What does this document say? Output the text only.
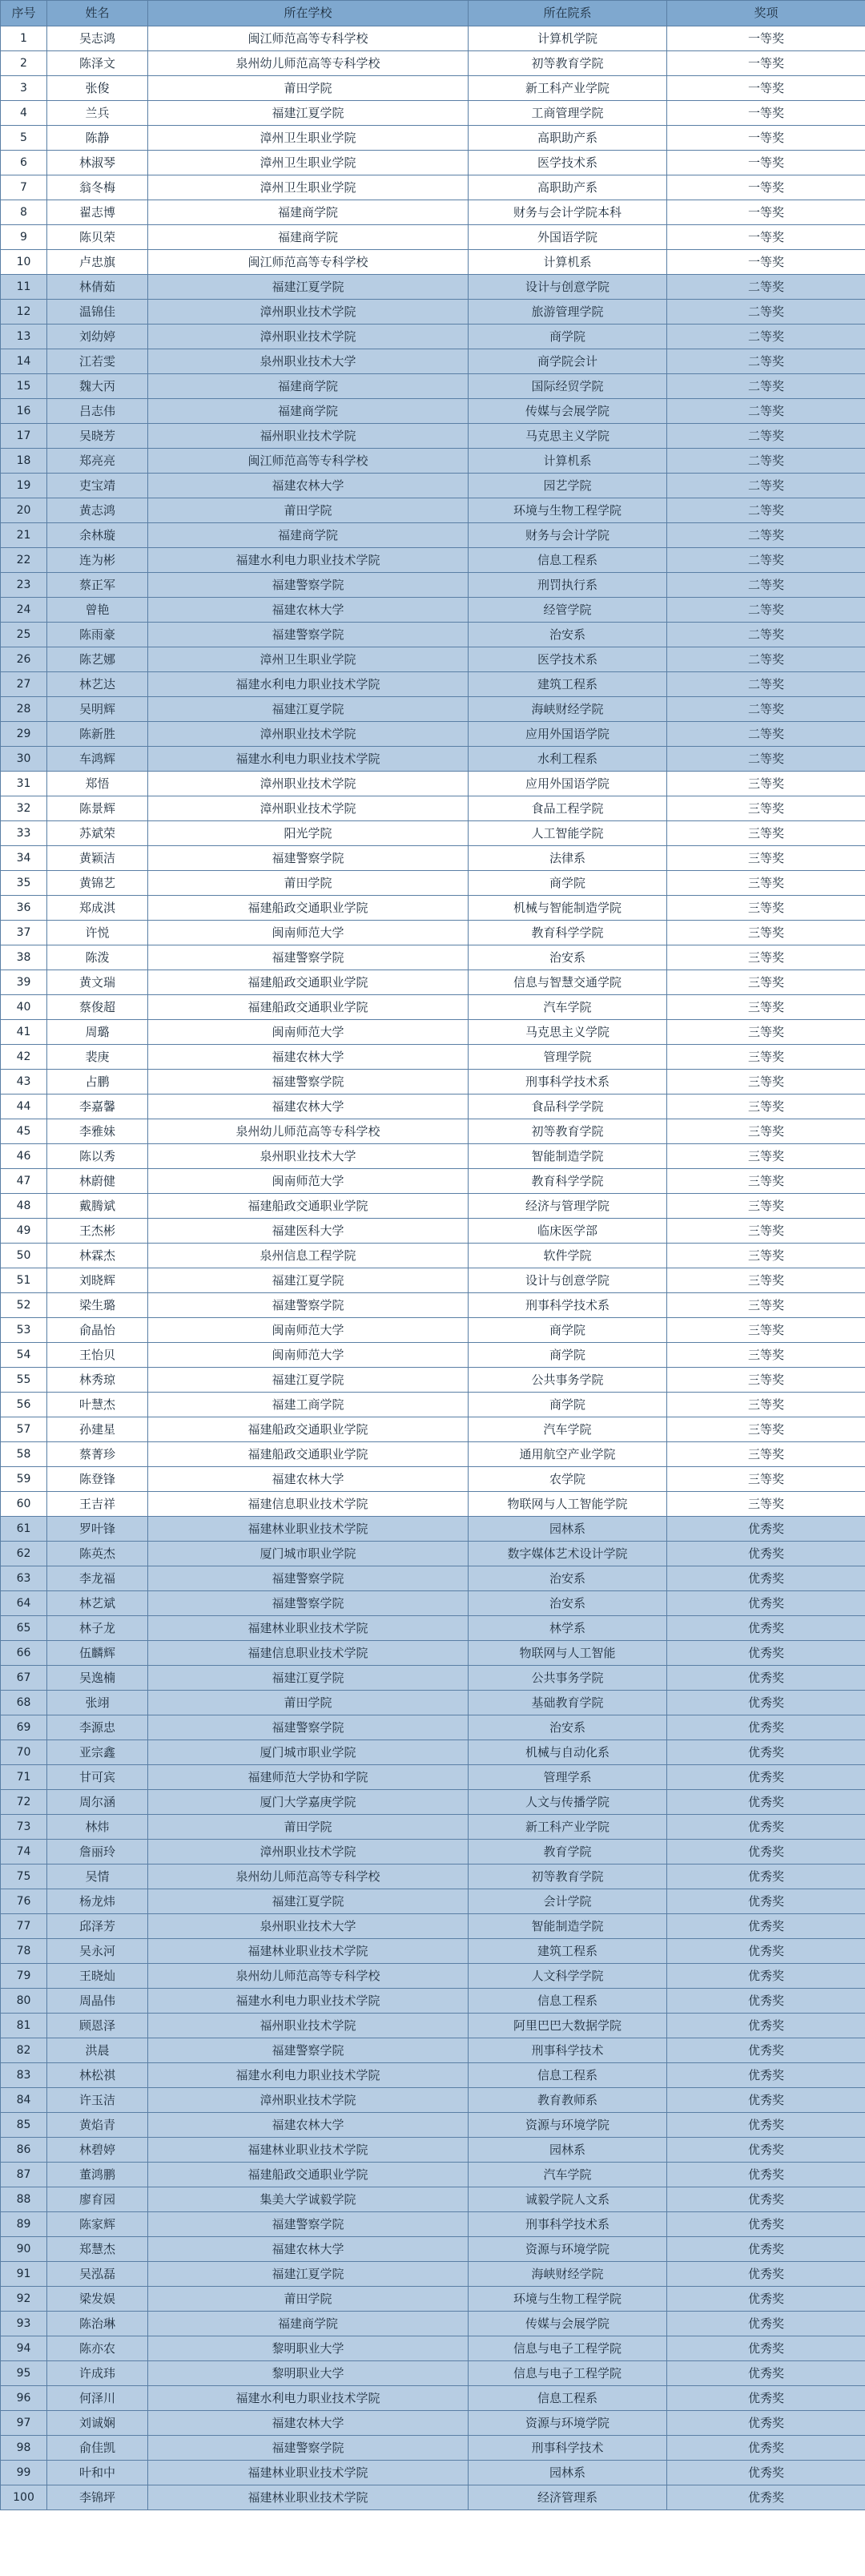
序号	姓名	所在学校	所在院系	奖项
1	吴志鸿	闽江师范高等专科学校	计算机学院	一等奖
2	陈泽文	泉州幼儿师范高等专科学校	初等教育学院	一等奖
3	张俊	莆田学院	新工科产业学院	一等奖
4	兰兵	福建江夏学院	工商管理学院	一等奖
5	陈静	漳州卫生职业学院	高职助产系	一等奖
6	林淑琴	漳州卫生职业学院	医学技术系	一等奖
7	翁冬梅	漳州卫生职业学院	高职助产系	一等奖
8	翟志博	福建商学院	财务与会计学院本科	一等奖
9	陈贝荣	福建商学院	外国语学院	一等奖
10	卢忠旗	闽江师范高等专科学校	计算机系	一等奖
11	林倩茹	福建江夏学院	设计与创意学院	二等奖
12	温锦佳	漳州职业技术学院	旅游管理学院	二等奖
13	刘幼婷	漳州职业技术学院	商学院	二等奖
14	江若雯	泉州职业技术大学	商学院会计	二等奖
15	魏大丙	福建商学院	国际经贸学院	二等奖
16	吕志伟	福建商学院	传媒与会展学院	二等奖
17	吴晓芳	福州职业技术学院	马克思主义学院	二等奖
18	郑亮亮	闽江师范高等专科学校	计算机系	二等奖
19	吏宝靖	福建农林大学	园艺学院	二等奖
20	黄志鸿	莆田学院	环境与生物工程学院	二等奖
21	余林璇	福建商学院	财务与会计学院	二等奖
22	连为彬	福建水利电力职业技术学院	信息工程系	二等奖
23	蔡正军	福建警察学院	刑罚执行系	二等奖
24	曾艳	福建农林大学	经管学院	二等奖
25	陈雨豪	福建警察学院	治安系	二等奖
26	陈艺娜	漳州卫生职业学院	医学技术系	二等奖
27	林艺达	福建水利电力职业技术学院	建筑工程系	二等奖
28	吴明辉	福建江夏学院	海峡财经学院	二等奖
29	陈新胜	漳州职业技术学院	应用外国语学院	二等奖
30	车鸿辉	福建水利电力职业技术学院	水利工程系	二等奖
31	郑悟	漳州职业技术学院	应用外国语学院	三等奖
32	陈景辉	漳州职业技术学院	食品工程学院	三等奖
33	苏斌荣	阳光学院	人工智能学院	三等奖
34	黄颖洁	福建警察学院	法律系	三等奖
35	黄锦艺	莆田学院	商学院	三等奖
36	郑成淇	福建船政交通职业学院	机械与智能制造学院	三等奖
37	许悦	闽南师范大学	教育科学学院	三等奖
38	陈泼	福建警察学院	治安系	三等奖
39	黄文瑞	福建船政交通职业学院	信息与智慧交通学院	三等奖
40	蔡俊超	福建船政交通职业学院	汽车学院	三等奖
41	周璐	闽南师范大学	马克思主义学院	三等奖
42	裴庚	福建农林大学	管理学院	三等奖
43	占鹏	福建警察学院	刑事科学技术系	三等奖
44	李嘉馨	福建农林大学	食品科学学院	三等奖
45	李雅妹	泉州幼儿师范高等专科学校	初等教育学院	三等奖
46	陈以秀	泉州职业技术大学	智能制造学院	三等奖
47	林蔚健	闽南师范大学	教育科学学院	三等奖
48	戴腾斌	福建船政交通职业学院	经济与管理学院	三等奖
49	王杰彬	福建医科大学	临床医学部	三等奖
50	林霖杰	泉州信息工程学院	软件学院	三等奖
51	刘晓辉	福建江夏学院	设计与创意学院	三等奖
52	梁生璐	福建警察学院	刑事科学技术系	三等奖
53	俞晶怡	闽南师范大学	商学院	三等奖
54	王怡贝	闽南师范大学	商学院	三等奖
55	林秀琼	福建江夏学院	公共事务学院	三等奖
56	叶慧杰	福建工商学院	商学院	三等奖
57	孙建星	福建船政交通职业学院	汽车学院	三等奖
58	蔡菁珍	福建船政交通职业学院	通用航空产业学院	三等奖
59	陈登锋	福建农林大学	农学院	三等奖
60	王吉祥	福建信息职业技术学院	物联网与人工智能学院	三等奖
61	罗叶锋	福建林业职业技术学院	园林系	优秀奖
62	陈英杰	厦门城市职业学院	数字媒体艺术设计学院	优秀奖
63	李龙福	福建警察学院	治安系	优秀奖
64	林艺斌	福建警察学院	治安系	优秀奖
65	林子龙	福建林业职业技术学院	林学系	优秀奖
66	伍麟辉	福建信息职业技术学院	物联网与人工智能	优秀奖
67	吴逸楠	福建江夏学院	公共事务学院	优秀奖
68	张翊	莆田学院	基础教育学院	优秀奖
69	李源忠	福建警察学院	治安系	优秀奖
70	亚宗鑫	厦门城市职业学院	机械与自动化系	优秀奖
71	甘可宾	福建师范大学协和学院	管理学系	优秀奖
72	周尔涵	厦门大学嘉庚学院	人文与传播学院	优秀奖
73	林炜	莆田学院	新工科产业学院	优秀奖
74	詹丽玲	漳州职业技术学院	教育学院	优秀奖
75	吴情	泉州幼儿师范高等专科学校	初等教育学院	优秀奖
76	杨龙炜	福建江夏学院	会计学院	优秀奖
77	邱泽芳	泉州职业技术大学	智能制造学院	优秀奖
78	吴永河	福建林业职业技术学院	建筑工程系	优秀奖
79	王晓灿	泉州幼儿师范高等专科学校	人文科学学院	优秀奖
80	周晶伟	福建水利电力职业技术学院	信息工程系	优秀奖
81	顾恩泽	福州职业技术学院	阿里巴巴大数据学院	优秀奖
82	洪晨	福建警察学院	刑事科学技术	优秀奖
83	林松祺	福建水利电力职业技术学院	信息工程系	优秀奖
84	许玉洁	漳州职业技术学院	教育教师系	优秀奖
85	黄焰青	福建农林大学	资源与环境学院	优秀奖
86	林碧婷	福建林业职业技术学院	园林系	优秀奖
87	董鸿鹏	福建船政交通职业学院	汽车学院	优秀奖
88	廖育园	集美大学诚毅学院	诚毅学院人文系	优秀奖
89	陈家辉	福建警察学院	刑事科学技术系	优秀奖
90	郑慧杰	福建农林大学	资源与环境学院	优秀奖
91	吴泓磊	福建江夏学院	海峡财经学院	优秀奖
92	梁发娱	莆田学院	环境与生物工程学院	优秀奖
93	陈治琳	福建商学院	传媒与会展学院	优秀奖
94	陈亦农	黎明职业大学	信息与电子工程学院	优秀奖
95	许成玮	黎明职业大学	信息与电子工程学院	优秀奖
96	何泽川	福建水利电力职业技术学院	信息工程系	优秀奖
97	刘诚娴	福建农林大学	资源与环境学院	优秀奖
98	俞佳凯	福建警察学院	刑事科学技术	优秀奖
99	叶和中	福建林业职业技术学院	园林系	优秀奖
100	李锦坪	福建林业职业技术学院	经济管理系	优秀奖
